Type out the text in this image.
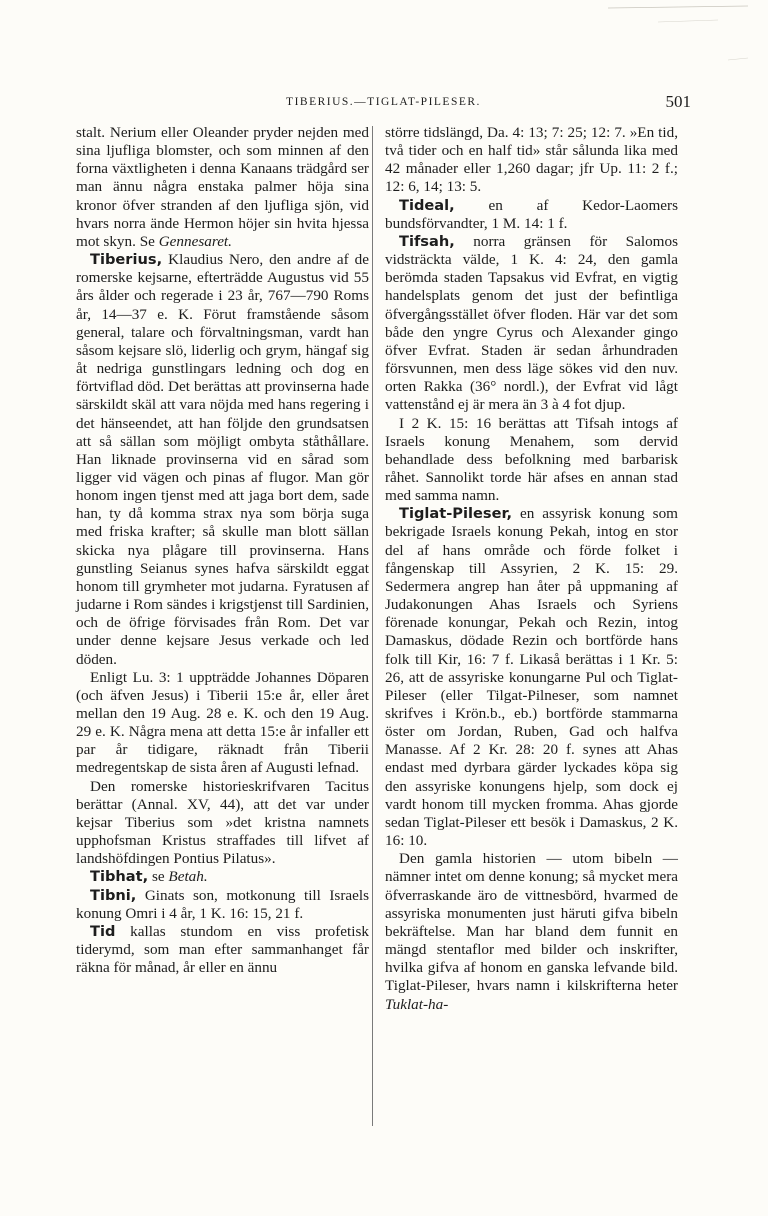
TIBERIUS.—TIGLAT-PILESER.	501

stalt. Nerium eller Oleander pryder nejden med sina ljufliga blomster, och som minnen af den forna växtligheten i denna Kanaans trädgård ser man ännu några enstaka palmer höja sina kronor öfver stranden af den ljufliga sjön, vid hvars norra ände Hermon höjer sin hvita hjessa mot skyn. Se Gennesaret.

Tiberius, Klaudius Nero, den andre af de romerske kejsarne, efterträdde Augustus vid 55 års ålder och regerade i 23 år, 767—790 Roms år, 14—37 e. K. Förut framstående såsom general, talare och förvaltningsman, vardt han såsom kejsare slö, liderlig och grym, hängaf sig åt nedriga gunstlingars ledning och dog en förtviflad död. Det berättas att provinserna hade särskildt skäl att vara nöjda med hans regering i det hänseendet, att han följde den grundsatsen att så sällan som möjligt ombyta ståthållare. Han liknade provinserna vid en sårad som ligger vid vägen och pinas af flugor. Man gör honom ingen tjenst med att jaga bort dem, sade han, ty då komma strax nya som börja suga med friska krafter; så skulle man blott sällan skicka nya plågare till provinserna. Hans gunstling Seianus synes hafva särskildt eggat honom till grymheter mot judarna. Fyratusen af judarne i Rom sändes i krigstjenst till Sardinien, och de öfrige förvisades från Rom. Det var under denne kejsare Jesus verkade och led döden.

Enligt Lu. 3: 1 uppträdde Johannes Döparen (och äfven Jesus) i Tiberii 15:e år, eller året mellan den 19 Aug. 28 e. K. och den 19 Aug. 29 e. K. Några mena att detta 15:e år infaller ett par år tidigare, räknadt från Tiberii medregentskap de sista åren af Augusti lefnad.

Den romerske historieskrifvaren Tacitus berättar (Annal. XV, 44), att det var under kejsar Tiberius som »det kristna namnets upphofsman Kristus straffades till lifvet af landshöfdingen Pontius Pilatus».

Tibhat, se Betah.

Tibni, Ginats son, motkonung till Israels konung Omri i 4 år, 1 K. 16: 15, 21 f.

Tid kallas stundom en viss profetisk tiderymd, som man efter sammanhanget får räkna för månad, år eller en ännu

större tidslängd, Da. 4: 13; 7: 25; 12: 7. »En tid, två tider och en half tid» står sålunda lika med 42 månader eller 1,260 dagar; jfr Up. 11: 2 f.; 12: 6, 14; 13: 5.

Tideal, en af Kedor-Laomers bundsförvandter, 1 M. 14: 1 f.

Tifsah, norra gränsen för Salomos vidsträckta välde, 1 K. 4: 24, den gamla berömda staden Tapsakus vid Evfrat, en vigtig handelsplats genom det just der befintliga öfvergångsstället öfver floden. Här var det som både den yngre Cyrus och Alexander gingo öfver Evfrat. Staden är sedan århundraden försvunnen, men dess läge sökes vid den nuv. orten Rakka (36° nordl.), der Evfrat vid lågt vattenstånd ej är mera än 3 à 4 fot djup.

I 2 K. 15: 16 berättas att Tifsah intogs af Israels konung Menahem, som dervid behandlade dess befolkning med barbarisk råhet. Sannolikt torde här afses en annan stad med samma namn.

Tiglat-Pileser, en assyrisk konung som bekrigade Israels konung Pekah, intog en stor del af hans område och förde folket i fångenskap till Assyrien, 2 K. 15: 29. Sedermera angrep han åter på uppmaning af Judakonungen Ahas Israels och Syriens förenade konungar, Pekah och Rezin, intog Damaskus, dödade Rezin och bortförde hans folk till Kir, 16: 7 f. Likaså berättas i 1 Kr. 5: 26, att de assyriske konungarne Pul och Tiglat-Pileser (eller Tilgat-Pilneser, som namnet skrifves i Krön.b., eb.) bortförde stammarna öster om Jordan, Ruben, Gad och halfva Manasse. Af 2 Kr. 28: 20 f. synes att Ahas endast med dyrbara gärder lyckades köpa sig den assyriske konungens hjelp, som dock ej vardt honom till mycken fromma. Ahas gjorde sedan Tiglat-Pileser ett besök i Damaskus, 2 K. 16: 10.

Den gamla historien — utom bibeln — nämner intet om denne konung; så mycket mera öfverraskande äro de vittnesbörd, hvarmed de assyriska monumenten just häruti gifva bibeln bekräftelse. Man har bland dem funnit en mängd stentaflor med bilder och inskrifter, hvilka gifva af honom en ganska lefvande bild. Tiglat-Pileser, hvars namn i kilskrifterna heter Tuklat-ha-
